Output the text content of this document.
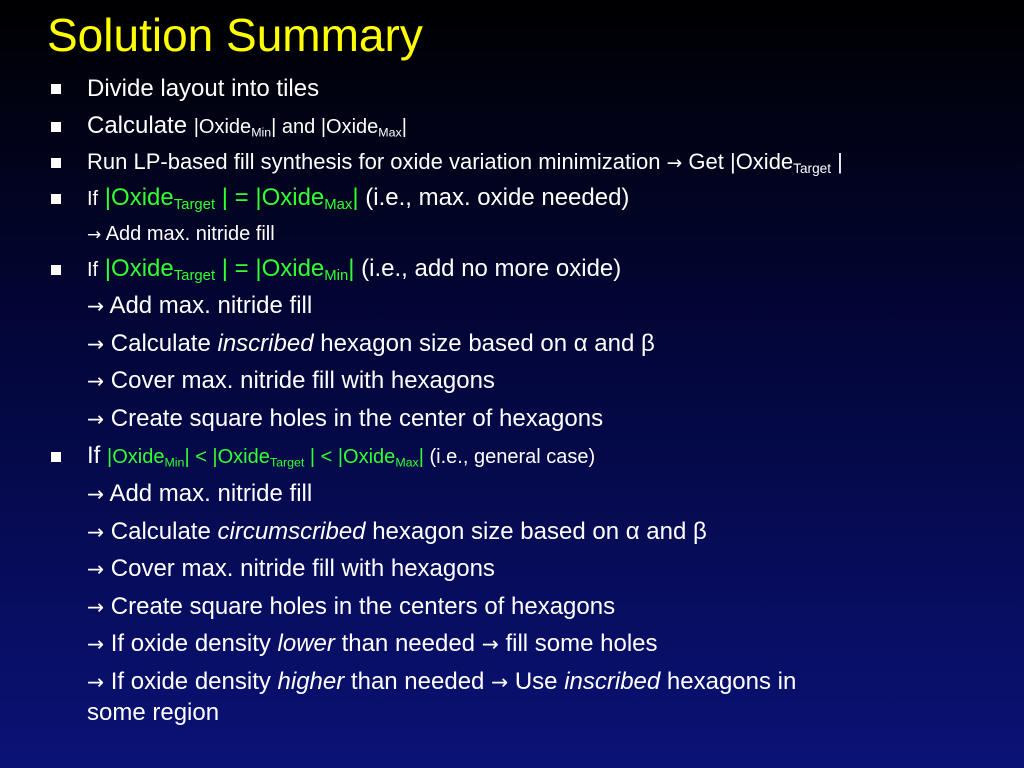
Solution Summary
Divide layout into tiles
Calculate |Oxide$_{Min}$| and |Oxide$_{Max}$|
Run LP-based fill synthesis for oxide variation minimization → Get |Oxide$_{Target}$ |
If |Oxide$_{Target}$ | = |Oxide$_{Max}$| (i.e., max. oxide needed)
→ Add max. nitride fill
If |Oxide$_{Target}$ | = |Oxide$_{Min}$| (i.e., add no more oxide)
→ Add max. nitride fill
→ Calculate inscribed hexagon size based on α and β
→ Cover max. nitride fill with hexagons
→ Create square holes in the center of hexagons
If |Oxide$_{Min}$| < |Oxide$_{Target}$ | < |Oxide$_{Max}$| (i.e., general case)
→ Add max. nitride fill
→ Calculate circumscribed hexagon size based on α and β
→ Cover max. nitride fill with hexagons
→ Create square holes in the centers of hexagons
→ If oxide density lower than needed → fill some holes
→ If oxide density higher than needed → Use inscribed hexagons in
some region
